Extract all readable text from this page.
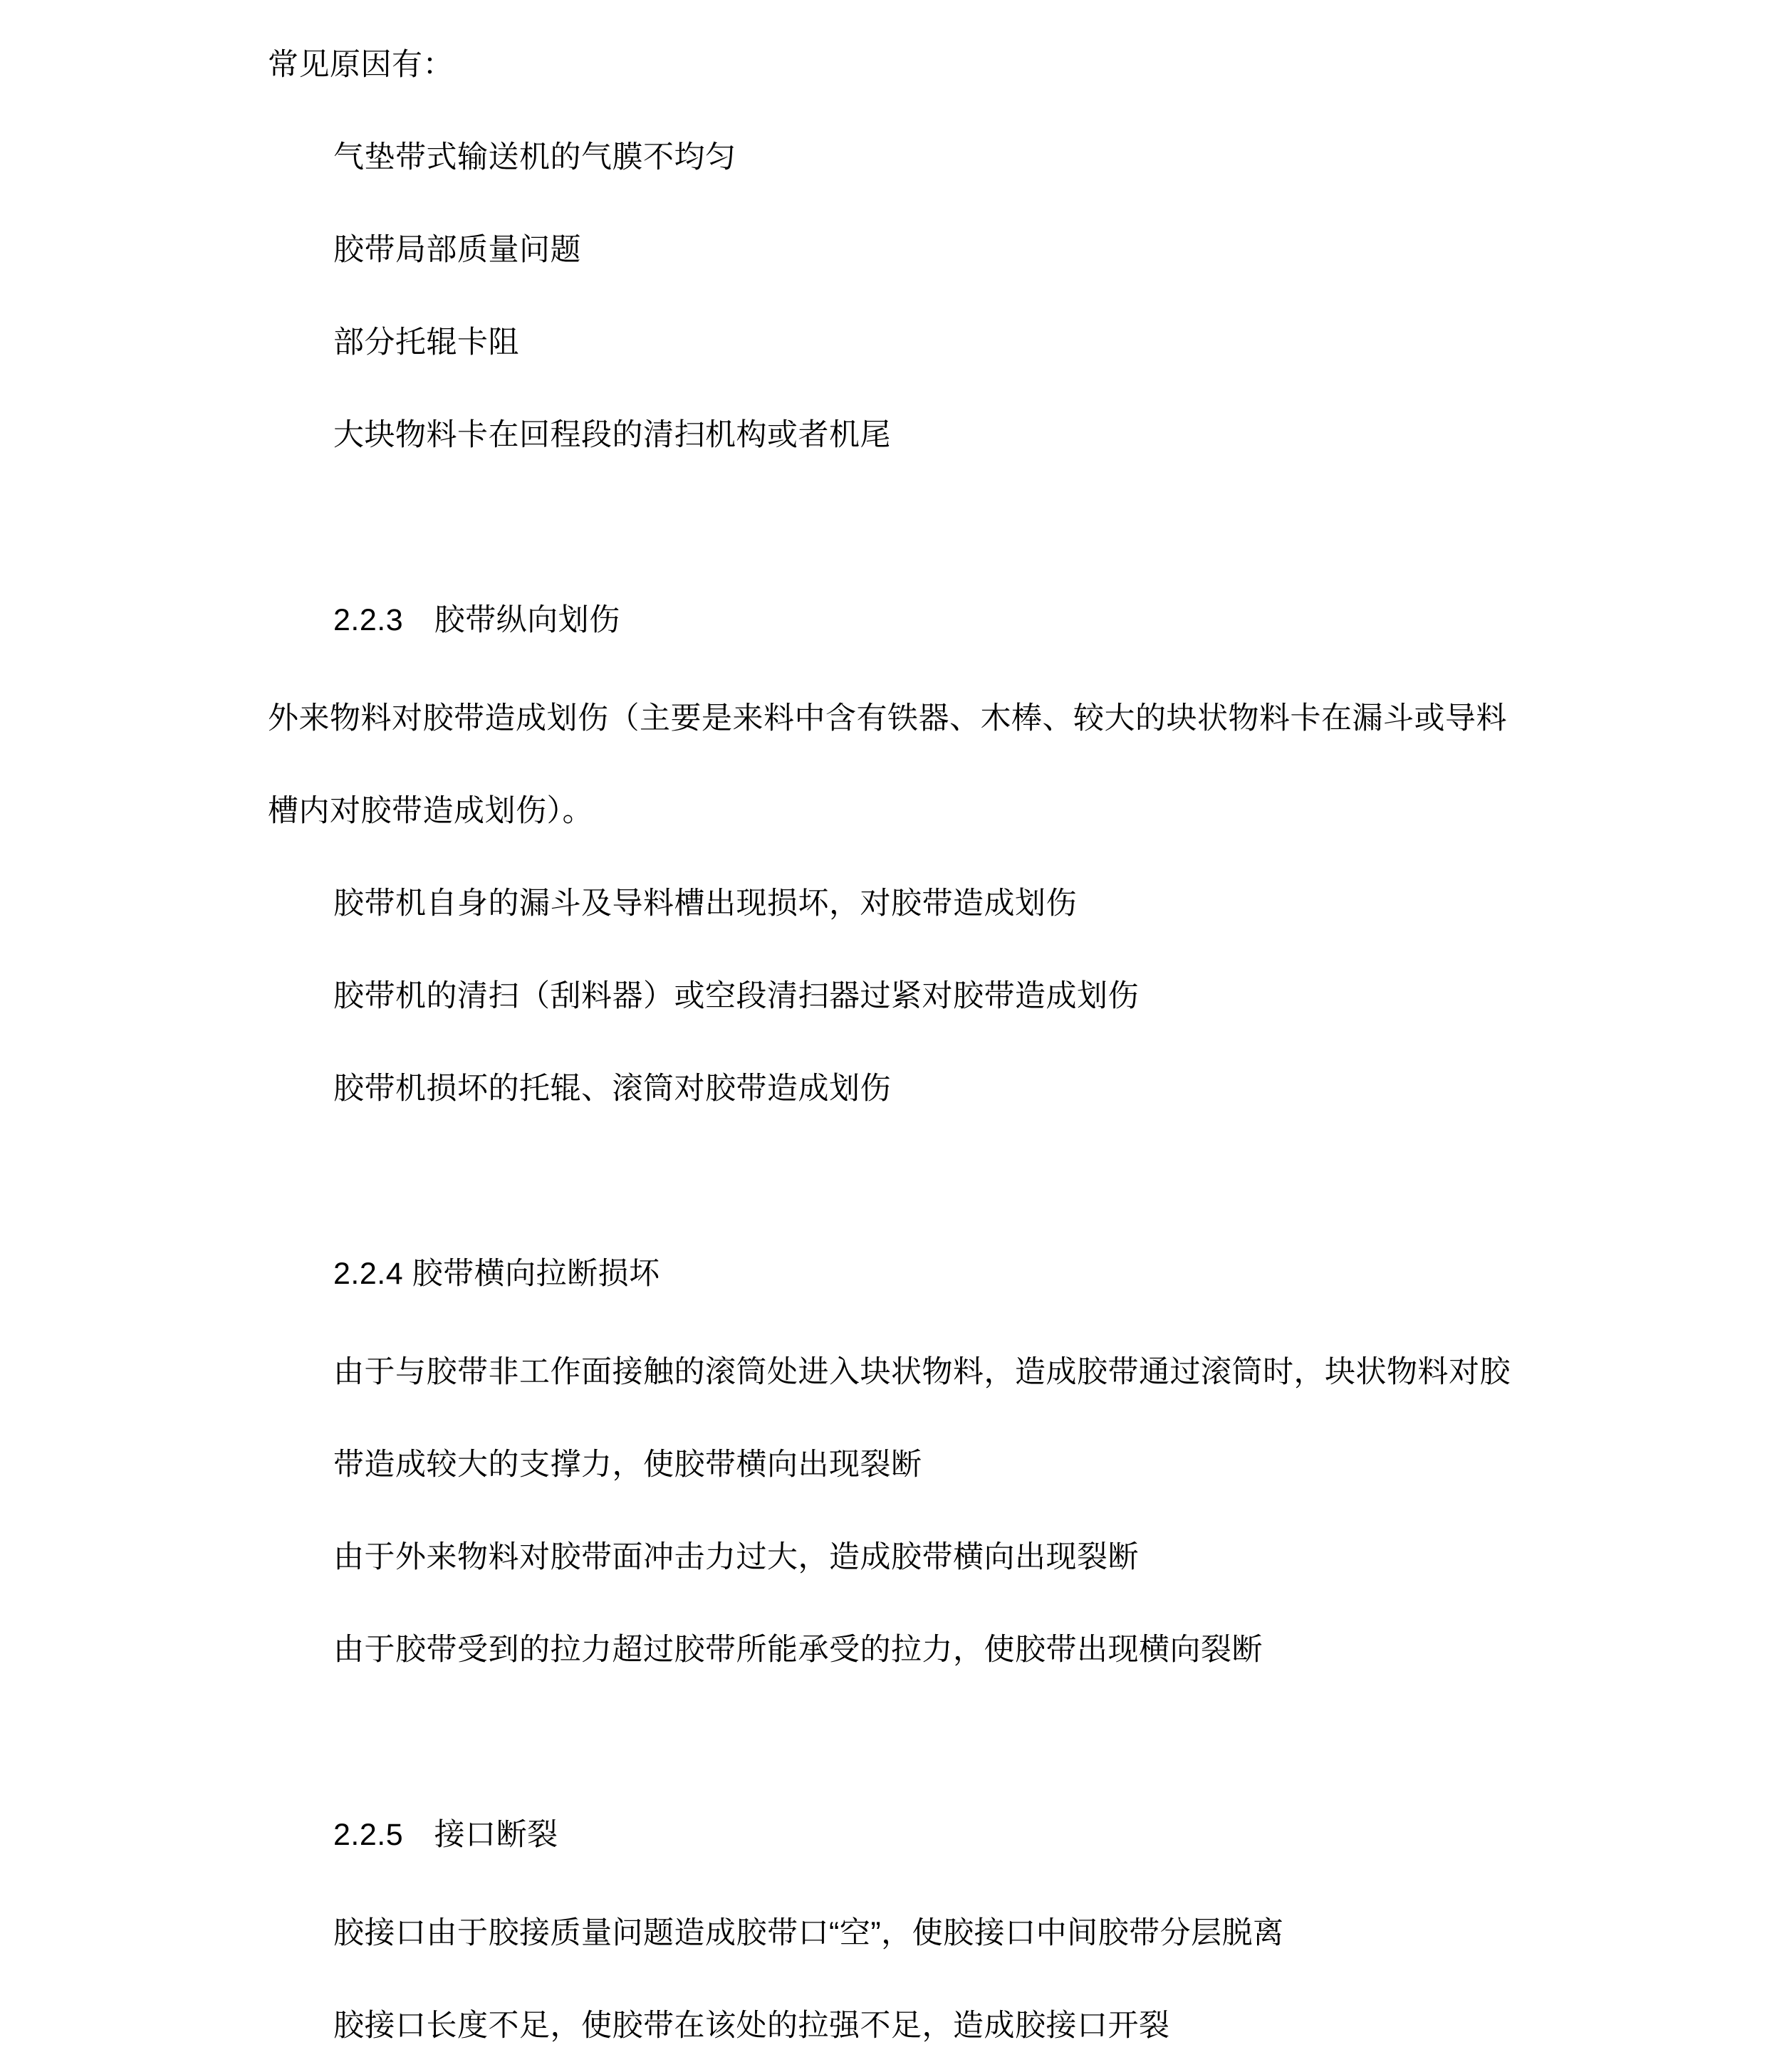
常见原因有：
气垫带式输送机的气膜不均匀
胶带局部质量问题
部分托辊卡阻
大块物料卡在回程段的清扫机构或者机尾
2.2.3　胶带纵向划伤
外来物料对胶带造成划伤（主要是来料中含有铁器、木棒、较大的块状物料卡在漏斗或导料
槽内对胶带造成划伤）。
胶带机自身的漏斗及导料槽出现损坏，对胶带造成划伤
胶带机的清扫（刮料器）或空段清扫器过紧对胶带造成划伤
胶带机损坏的托辊、滚筒对胶带造成划伤
2.2.4 胶带横向拉断损坏
由于与胶带非工作面接触的滚筒处进入块状物料，造成胶带通过滚筒时，块状物料对胶
带造成较大的支撑力，使胶带横向出现裂断
由于外来物料对胶带面冲击力过大，造成胶带横向出现裂断
由于胶带受到的拉力超过胶带所能承受的拉力，使胶带出现横向裂断
2.2.5　接口断裂
胶接口由于胶接质量问题造成胶带口“空”，使胶接口中间胶带分层脱离
胶接口长度不足，使胶带在该处的拉强不足，造成胶接口开裂
